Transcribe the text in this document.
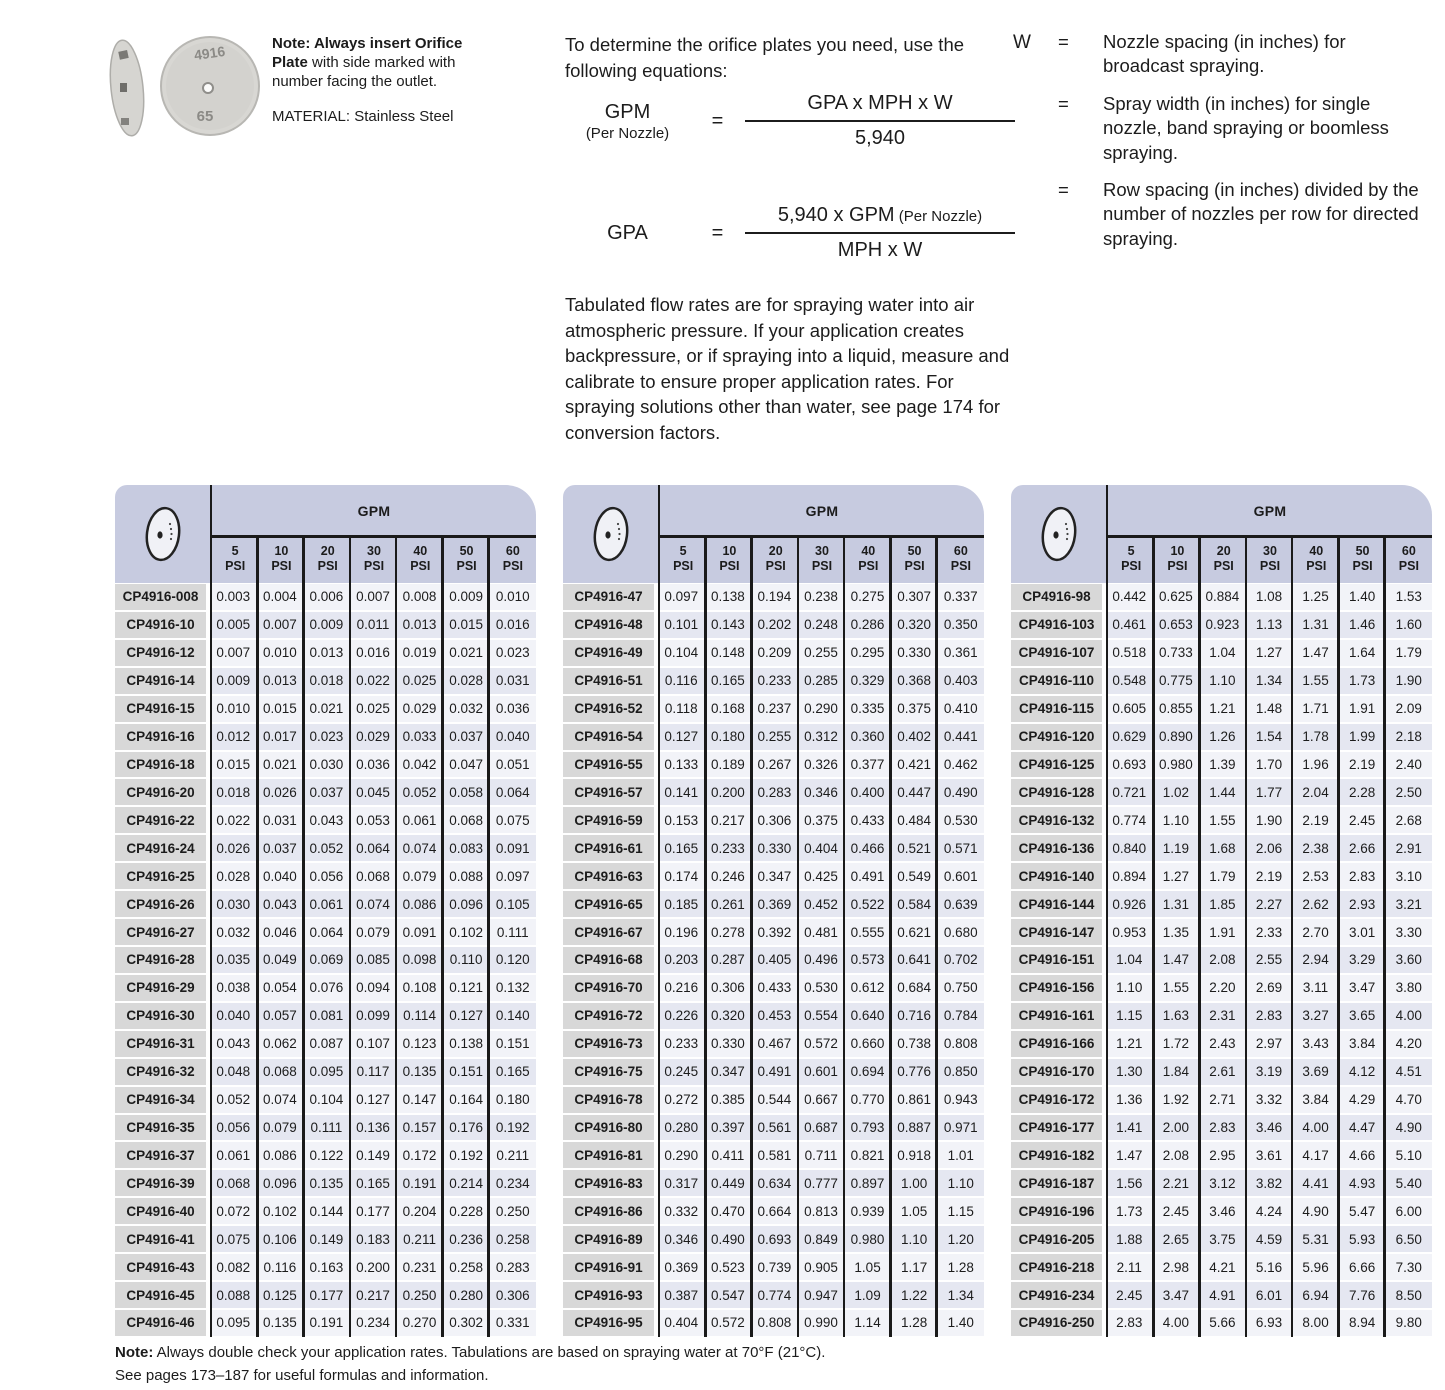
4916
65
Note: Always insert Orifice Plate with side marked with number facing the outlet.
MATERIAL: Stainless Steel
To determine the orifice plates you need, use the following equations:
GPM
(Per Nozzle)
=	$\frac{\text{GPA x MPH x W}}{5,940}$
GPA	=	$\frac{\text{5,940 x GPM (Per Nozzle)}}{\text{MPH x W}}$
W	=	Nozzle spacing (in inches) for broadcast spraying.
=	Spray width (in inches) for single nozzle, band spraying or boomless spraying.
=	Row spacing (in inches) divided by the number of nozzles per row for directed spraying.
Tabulated flow rates are for spraying water into air atmospheric pressure. If your application creates backpressure, or if spraying into a liquid, measure and calibrate to ensure proper application rates. For spraying solutions other than water, see page 174 for conversion factors.
GPM
5
PSI
10
PSI
20
PSI
30
PSI
40
PSI
50
PSI
60
PSI
CP4916-008	0.003 0.004 0.006 0.007 0.008 0.009 0.010
CP4916-10	0.005 0.007 0.009 0.011 0.013 0.015 0.016
CP4916-12	0.007 0.010 0.013 0.016 0.019 0.021 0.023
CP4916-14	0.009 0.013 0.018 0.022 0.025 0.028 0.031
CP4916-15	0.010 0.015 0.021 0.025 0.029 0.032 0.036
CP4916-16	0.012 0.017 0.023 0.029 0.033 0.037 0.040
CP4916-18	0.015 0.021 0.030 0.036 0.042 0.047 0.051
CP4916-20	0.018 0.026 0.037 0.045 0.052 0.058 0.064
CP4916-22	0.022 0.031 0.043 0.053 0.061 0.068 0.075
CP4916-24	0.026 0.037 0.052 0.064 0.074 0.083 0.091
CP4916-25	0.028 0.040 0.056 0.068 0.079 0.088 0.097
CP4916-26	0.030 0.043 0.061 0.074 0.086 0.096 0.105
CP4916-27	0.032 0.046 0.064 0.079 0.091 0.102	0.111
CP4916-28	0.035 0.049 0.069 0.085 0.098 0.110 0.120
CP4916-29	0.038 0.054 0.076 0.094 0.108 0.121 0.132
CP4916-30	0.040 0.057 0.081 0.099 0.114 0.127 0.140
CP4916-31	0.043 0.062 0.087 0.107 0.123 0.138 0.151
CP4916-32	0.048 0.068 0.095 0.117 0.135 0.151 0.165
CP4916-34	0.052 0.074 0.104 0.127 0.147 0.164 0.180
CP4916-35	0.056 0.079	0.111	0.136 0.157 0.176 0.192
CP4916-37	0.061 0.086 0.122 0.149 0.172 0.192 0.211
CP4916-39	0.068 0.096 0.135 0.165 0.191 0.214 0.234
CP4916-40	0.072 0.102 0.144 0.177 0.204 0.228 0.250
CP4916-41	0.075 0.106 0.149 0.183 0.211 0.236 0.258
CP4916-43	0.082 0.116 0.163 0.200 0.231 0.258 0.283
CP4916-45	0.088 0.125 0.177 0.217 0.250 0.280 0.306
CP4916-46	0.095 0.135 0.191 0.234 0.270 0.302 0.331
GPM
5
PSI
10
PSI
20
PSI
30
PSI
40
PSI
50
PSI
60
PSI
CP4916-47	0.097 0.138 0.194 0.238 0.275 0.307 0.337
CP4916-48	0.101 0.143 0.202 0.248 0.286 0.320 0.350
CP4916-49	0.104 0.148 0.209 0.255 0.295 0.330 0.361
CP4916-51	0.116 0.165 0.233 0.285 0.329 0.368 0.403
CP4916-52	0.118 0.168 0.237 0.290 0.335 0.375 0.410
CP4916-54	0.127 0.180 0.255 0.312 0.360 0.402 0.441
CP4916-55	0.133 0.189 0.267 0.326 0.377 0.421 0.462
CP4916-57	0.141 0.200 0.283 0.346 0.400 0.447 0.490
CP4916-59	0.153 0.217 0.306 0.375 0.433 0.484 0.530
CP4916-61	0.165 0.233 0.330 0.404 0.466 0.521 0.571
CP4916-63	0.174 0.246 0.347 0.425 0.491 0.549 0.601
CP4916-65	0.185 0.261 0.369 0.452 0.522 0.584 0.639
CP4916-67	0.196 0.278 0.392 0.481 0.555 0.621 0.680
CP4916-68	0.203 0.287 0.405 0.496 0.573 0.641 0.702
CP4916-70	0.216 0.306 0.433 0.530 0.612 0.684 0.750
CP4916-72	0.226 0.320 0.453 0.554 0.640 0.716 0.784
CP4916-73	0.233 0.330 0.467 0.572 0.660 0.738 0.808
CP4916-75	0.245 0.347 0.491 0.601 0.694 0.776 0.850
CP4916-78	0.272 0.385 0.544 0.667 0.770 0.861 0.943
CP4916-80	0.280 0.397 0.561 0.687 0.793 0.887 0.971
CP4916-81	0.290 0.411 0.581 0.711 0.821 0.918	1.01
CP4916-83	0.317 0.449 0.634 0.777 0.897	1.00	1.10
CP4916-86	0.332 0.470 0.664 0.813 0.939	1.05	1.15
CP4916-89	0.346 0.490 0.693 0.849 0.980	1.10	1.20
CP4916-91	0.369 0.523 0.739 0.905	1.05	1.17	1.28
CP4916-93	0.387 0.547 0.774 0.947	1.09	1.22	1.34
CP4916-95	0.404 0.572 0.808 0.990	1.14	1.28	1.40
GPM
5
PSI
10
PSI
20
PSI
30
PSI
40
PSI
50
PSI
60
PSI
CP4916-98	0.442 0.625 0.884	1.08	1.25	1.40	1.53
CP4916-103	0.461 0.653 0.923	1.13	1.31	1.46	1.60
CP4916-107	0.518 0.733	1.04	1.27	1.47	1.64	1.79
CP4916-110	0.548 0.775	1.10	1.34	1.55	1.73	1.90
CP4916-115	0.605 0.855	1.21	1.48	1.71	1.91	2.09
CP4916-120	0.629 0.890	1.26	1.54	1.78	1.99	2.18
CP4916-125	0.693 0.980	1.39	1.70	1.96	2.19	2.40
CP4916-128	0.721	1.02	1.44	1.77	2.04	2.28	2.50
CP4916-132	0.774	1.10	1.55	1.90	2.19	2.45	2.68
CP4916-136	0.840	1.19	1.68	2.06	2.38	2.66	2.91
CP4916-140	0.894	1.27	1.79	2.19	2.53	2.83	3.10
CP4916-144	0.926	1.31	1.85	2.27	2.62	2.93	3.21
CP4916-147	0.953	1.35	1.91	2.33	2.70	3.01	3.30
CP4916-151	1.04	1.47	2.08	2.55	2.94	3.29	3.60
CP4916-156	1.10	1.55	2.20	2.69	3.11	3.47	3.80
CP4916-161	1.15	1.63	2.31	2.83	3.27	3.65	4.00
CP4916-166	1.21	1.72	2.43	2.97	3.43	3.84	4.20
CP4916-170	1.30	1.84	2.61	3.19	3.69	4.12	4.51
CP4916-172	1.36	1.92	2.71	3.32	3.84	4.29	4.70
CP4916-177	1.41	2.00	2.83	3.46	4.00	4.47	4.90
CP4916-182	1.47	2.08	2.95	3.61	4.17	4.66	5.10
CP4916-187	1.56	2.21	3.12	3.82	4.41	4.93	5.40
CP4916-196	1.73	2.45	3.46	4.24	4.90	5.47	6.00
CP4916-205	1.88	2.65	3.75	4.59	5.31	5.93	6.50
CP4916-218	2.11	2.98	4.21	5.16	5.96	6.66	7.30
CP4916-234	2.45	3.47	4.91	6.01	6.94	7.76	8.50
CP4916-250	2.83	4.00	5.66	6.93	8.00	8.94	9.80
Note: Always double check your application rates. Tabulations are based on spraying water at 70°F (21°C).
See pages 173–187 for useful formulas and information.
